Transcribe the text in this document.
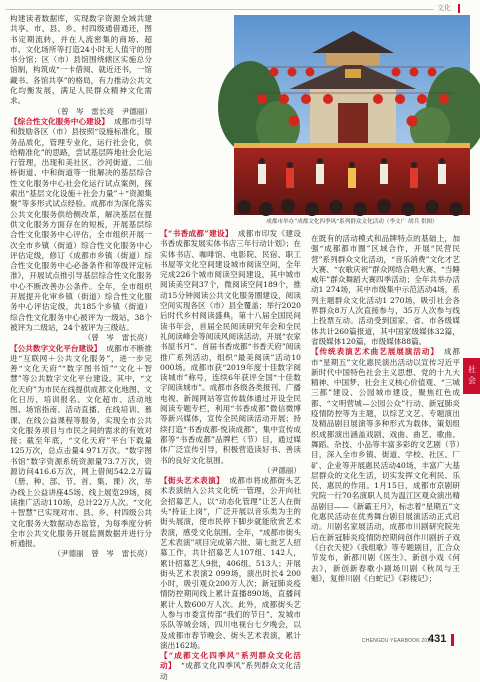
文化
构建读者数据库，实现数字资源全域共建共享。市、县、乡、村四级通借通还，图书定期流转，并在人流密集的商场、超市、文化场所等打造24小时无人值守的图书分馆；区（市）县馆围绕辖区实施总分馆制，构筑成“一卡借阅、就近还书，一馆藏书、各馆共享”的格局，有力推动公共文化均衡发展，满足人民群众精神文化需求。
（曾　岑　雷长亮　尹德丽）
【综合性文化服务中心建设】 成都市引导和鼓励各区（市）县按照“设施标准化，服务品质化，管理专业化，运行社会化，供给精准化”的思路，尝试基层阵地社会化运行管理，出现和美社区、沙河街道、二仙桥街道、中和街道等一批解决的基层综合性文化服务中心社会化运行试点案例，探索出“基层文化设施＋社会力量”＋“资源集聚”等多形式试点经验。成都市为深化落实公共文化服务供给侧改革，解决基层在提供文化服务方面存在的短板，开展基层综合性文化服务中心评估，全市组织开展一次全市乡镇（街道）综合性文化服务中心评估定级，修订《成都市乡镇（街道）综合性文化服务中心必备条件和等级评定标准》，开展试点推引导基层综合性文化服务中心不断改善办公条件。全年，全市组织开展提升化审乡镇（街道）综合性文化服务中心评估定级，共185个乡镇（街道）综合性文化服务中心被评为一级站，38个被评为二级站，24个被评为三级站。
（曾　岑　雷长亮）
【公共数字文化平台建设】 成都市不断推进“互联网＋公共文化服务”，进一步完善“文化天府”“数字图书馆”“文化＋智慧”等公共数字文化平台建设。其中，“文化天府”为市民在线提供成都文化地图、文化日历、培训报名、文化超市、活动地图、场馆指南、活动直播、在线培训、慕课、在线公益课程等服务，实现全市公共文化服务项目与市民之间的需求的有效对接；截至年底，“文化天府”平台下载量125万次，总点击量4 971万次。“数字图书馆”数字资源系统资源量73.7万次，资源访问416.6万次，网上借阅542.2万篇（册、种、部、节、首、集、课）次，举办线上公益讲座45场、线上展览29场，阅读推广活动110场，总计22万人次。“文化＋智慧”已实现对市、县、乡、村四级公共文化服务大数据动态监管，为每季度分析全市公共文化服务开展监测数据并进行分析通报。
（尹德丽　曾　岑　雷长亮）
【“书香成都”建设】 成都市印发《建设书香成都发展实体书店三年行动计划》；在实体书店、咖啡馆、电影院、民宿、职工书屋等文化空间建设城市阅读空间，全年完成226个城市阅读空间建设，其中城市阅读美空间37个，微阅读空间189个，推动15分钟阅读公共文化服务圈建设，阅读空间实现各区（市）县全覆盖；举行2020后时代乡村阅读盛典，第十八届全国民间读书年会，首届全民阅读研究年会和全民礼阅读峰会等阅读风阅读活动，开展“农家书屋书月”、首届书香成都“书香天府”阅读推广系列活动，组织“最美阅读”活动10 000场。成都市获“2019年度十佳数字阅读城市”称号，连续6年获评全国“十佳数字阅读城市”。成都市各级各类报刊、广播电视、新闻网站等宣传载体通过开设全民阅读专题专栏，利用“书香成都”微信微博等新兴媒体，宣传全民阅读活动开展；持续打造“书香成都·悦读成都”，集中宣传成都等“书香成都”品牌栏（节）目，通过媒体广泛宣传引导，积极营造读好书、善读书的良好文化氛围。
（尹德丽）
【街头艺术表演】 成都市将成都街头艺术表演纳入公共文化统一管理，公开向社会招募艺人，以“动态化管理”让艺人在街头“持证上岗”，广泛开展以音乐类为主的街头展演，使市民停下脚步就能欣赏艺术表演，感受文化氛围。全年，“成都市街头艺术表演”项目完成第六批、第七批艺人招募工作，共计招募艺人107组、142人，累计招募艺人9批，406组、513人；开展街头艺术表演2 099场，演出时长4 200小时，吸引观众200万人次；新冠肺炎疫情防控期间线上累计直播890场，直播间累计人数600万人次。此外，成都街头艺人参与市委宣传部“我们的节日”、发城市乐队等城会场，四川电视台七夕晚会，以及成都市春节晚会、街头艺术表演，累计演出162场。
【“成都文化四季风”系列群众文化活动】 “成都文化四季风”系列群众文化活动
成都市举办“成都文化四季风”系列群众文化活动（李文广 胡兵 供图）
在既有的活动模式和品牌特点的基础上，加强“成都都市圈”区域合作，开展“民营民营”系列群众文化活动，“音乐消费”文化才艺大赛、“农歌庆祝”群众网络合唱大赛、“当睡威年”群众舞蹈大赛四季活动；全年共举办活动1 274场，其中市级集中示范活动4场，系列主题群众文化活动1 270场，吸引社会各界群众8万人次直接参与，35万人次参与线上投票互动。活动受到国家、省、市各级媒体共计260篇报道，其中国家级媒体32篇，省级媒体120篇，市级媒体88篇。
【传统表演艺术曲艺展展演活动】 成都市“星期五”文化惠民演出活动以宣传习近平新时代中国特色社会主义思想、党的十九大精神、中国梦、社会主义核心价值观、“三城三都”建设、公园城市建设，聚焦红色成都、“文明营城—公园公众”行动、新冠肺炎疫情防控等为主题，以综艺文艺、专题演出及精品剧目展演等多种形式为载体，策划组织成都演出涵盖戏剧、戏曲、曲艺、歌曲、舞蹈、杂技、小品等丰富多彩的文艺剧（节）目，深入全市乡镇、街道、学校、社区、厂矿、企业等开展惠民活动40场，丰富广大基层群众的文化生活，切实发挥文化利民、乐民、惠民的作用。1月15日，成都市京剧研究院一行70名演职人员为温江区观众演出精品剧目——《新霸王月》，标志着“星期五”文化惠民活动在优秀舞台剧目展演活动正式启动。川剧名家展活动，成都市川剧研究院先后在新冠肺炎疫情防控期间创作川剧折子戏《白衣天使》《我组歌》等专题剧目，汇合众节发布，新都川剧《医生》、新创小戏《何去》，新创新春歌小剧场川剧《秋凤与王魁》，复排川剧《白蛇记》《彩楼记》；
社会
CHENGDU YEARBOOK 2021
431
